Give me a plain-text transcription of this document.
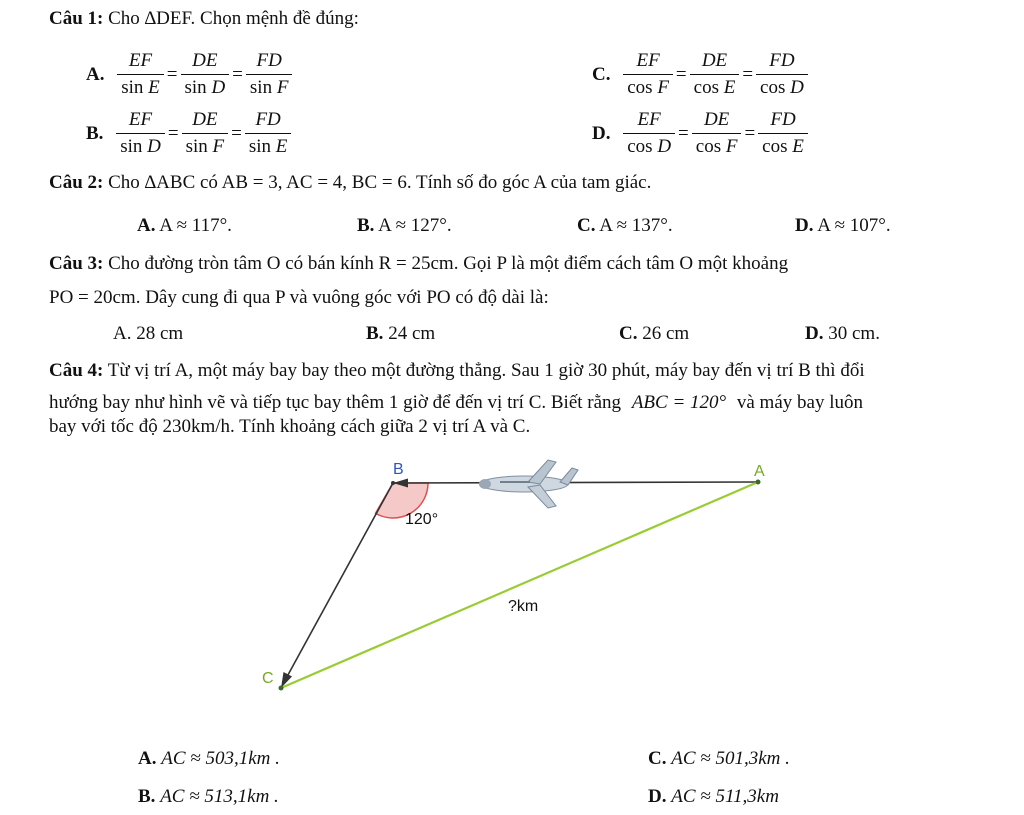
Câu 1: Cho ∆DEF. Chọn mệnh đề đúng:
A. $\frac{EF}{\text{sin E}} = \frac{DE}{\text{sin D}} = \frac{FD}{\text{sin F}}$	C. $\frac{EF}{\text{cos F}} = \frac{DE}{\text{cos E}} = \frac{FD}{\text{cos D}}$
B. $\frac{EF}{\text{sin D}} = \frac{DE}{\text{sin F}} = \frac{FD}{\text{sin E}}$	D. $\frac{EF}{\text{cos D}} = \frac{DE}{\text{cos F}} = \frac{FD}{\text{cos E}}$
Câu 2: Cho ∆ABC có AB = 3, AC = 4, BC = 6. Tính số đo góc A của tam giác.
A. A ≈ 117°.	B. A ≈ 127°.	C. A ≈ 137°.	D. A ≈ 107°.
Câu 3: Cho đường tròn tâm O có bán kính R = 25cm. Gọi P là một điểm cách tâm O một khoảng
PO = 20cm. Dây cung đi qua P và vuông góc với PO có độ dài là:
A. 28 cm	B. 24 cm	C. 26 cm	D. 30 cm.
Câu 4: Từ vị trí A, một máy bay bay theo một đường thẳng. Sau 1 giờ 30 phút, máy bay đến vị trí B thì đổi
hướng bay như hình vẽ và tiếp tục bay thêm 1 giờ để đến vị trí C. Biết rằng ABC = 120° và máy bay luôn
bay với tốc độ 230km/h. Tính khoảng cách giữa 2 vị trí A và C.
B	A
C
120°
?km
A. AC ≈ 503,1km .
B. AC ≈ 513,1km .
C. AC ≈ 501,3km .
D. AC ≈ 511,3km
